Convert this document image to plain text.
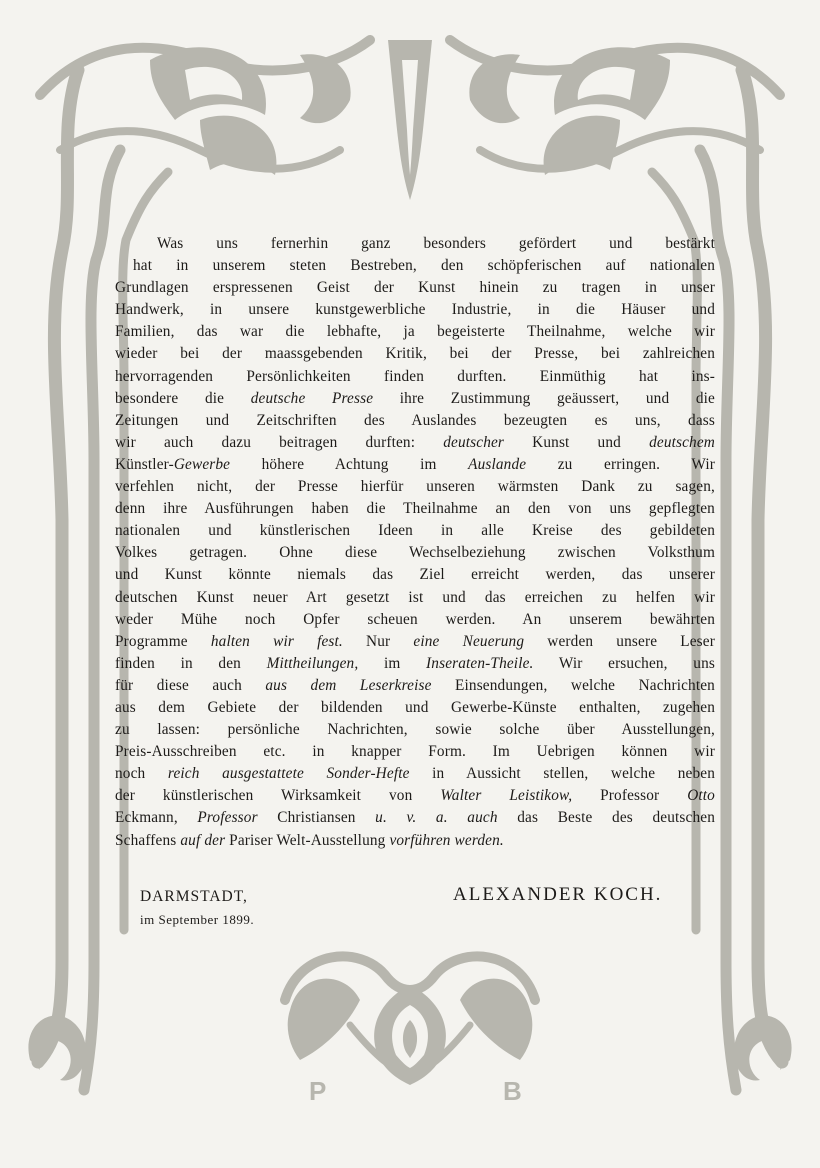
Was uns fernerhin ganz besonders gefördert und bestärkt
hat in unserem steten Bestreben, den schöpferischen auf nationalen
Grundlagen erspressenen Geist der Kunst hinein zu tragen in unser
Handwerk, in unsere kunstgewerbliche Industrie, in die Häuser und
Familien, das war die lebhafte, ja begeisterte Theilnahme, welche wir
wieder bei der maassgebenden Kritik, bei der Presse, bei zahlreichen
hervorragenden Persönlichkeiten finden durften. Einmüthig hat ins-
besondere die deutsche Presse ihre Zustimmung geäussert, und die
Zeitungen und Zeitschriften des Auslandes bezeugten es uns, dass
wir auch dazu beitragen durften: deutscher Kunst und deutschem
Künstler-Gewerbe höhere Achtung im Auslande zu erringen. Wir
verfehlen nicht, der Presse hierfür unseren wärmsten Dank zu sagen,
denn ihre Ausführungen haben die Theilnahme an den von uns gepflegten
nationalen und künstlerischen Ideen in alle Kreise des gebildeten
Volkes getragen. Ohne diese Wechselbeziehung zwischen Volksthum
und Kunst könnte niemals das Ziel erreicht werden, das unserer
deutschen Kunst neuer Art gesetzt ist und das erreichen zu helfen wir
weder Mühe noch Opfer scheuen werden. An unserem bewährten
Programme halten wir fest. Nur eine Neuerung werden unsere Leser
finden in den Mittheilungen, im Inseraten-Theile. Wir ersuchen, uns
für diese auch aus dem Leserkreise Einsendungen, welche Nachrichten
aus dem Gebiete der bildenden und Gewerbe-Künste enthalten, zugehen
zu lassen: persönliche Nachrichten, sowie solche über Ausstellungen,
Preis-Ausschreiben etc. in knapper Form. Im Uebrigen können wir
noch reich ausgestattete Sonder-Hefte in Aussicht stellen, welche neben
der künstlerischen Wirksamkeit von Walter Leistikow, Professor Otto
Eckmann, Professor Christiansen u. v. a. auch das Beste des deutschen
Schaffens auf der Pariser Welt-Ausstellung vorführen werden.
DARMSTADT,
im September 1899.
ALEXANDER KOCH.
P	B
